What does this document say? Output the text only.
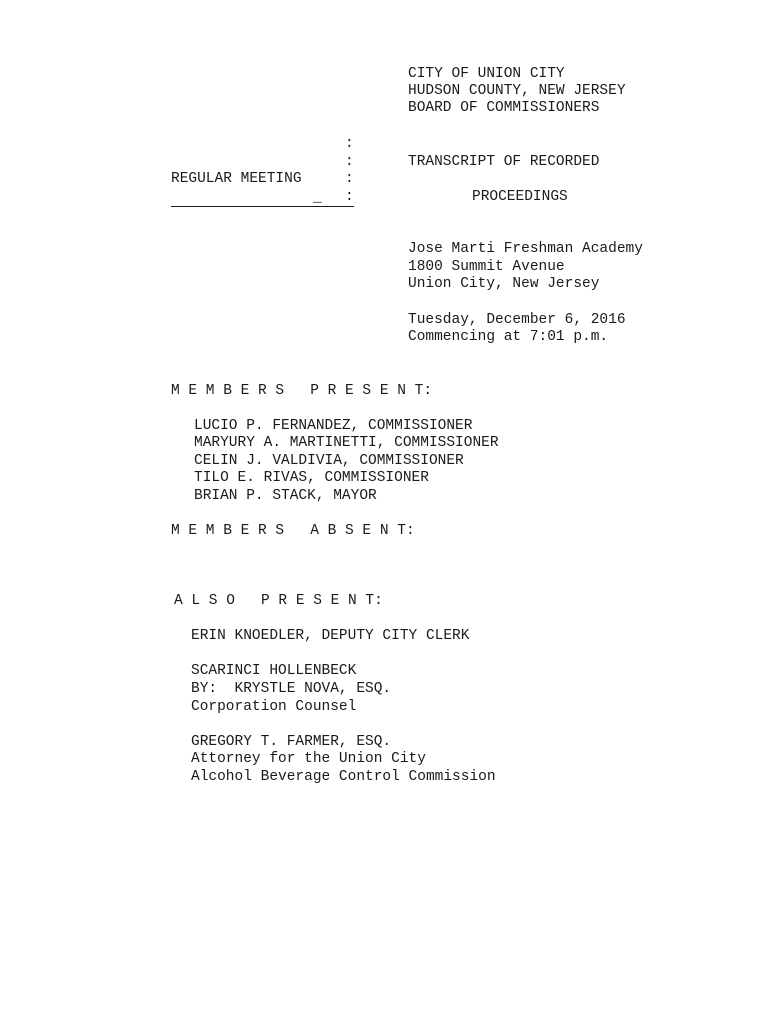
CITY OF UNION CITY
HUDSON COUNTY, NEW JERSEY
BOARD OF COMMISSIONERS
:
:
:
:
REGULAR MEETING
_
TRANSCRIPT OF RECORDED
PROCEEDINGS
Jose Marti Freshman Academy
1800 Summit Avenue
Union City, New Jersey
Tuesday, December 6, 2016
Commencing at 7:01 p.m.
M E M B E R S   P R E S E N T:
LUCIO P. FERNANDEZ, COMMISSIONER
MARYURY A. MARTINETTI, COMMISSIONER
CELIN J. VALDIVIA, COMMISSIONER
TILO E. RIVAS, COMMISSIONER
BRIAN P. STACK, MAYOR
M E M B E R S   A B S E N T:
A L S O   P R E S E N T:
ERIN KNOEDLER, DEPUTY CITY CLERK
SCARINCI HOLLENBECK
BY:  KRYSTLE NOVA, ESQ.
Corporation Counsel
GREGORY T. FARMER, ESQ.
Attorney for the Union City
Alcohol Beverage Control Commission
